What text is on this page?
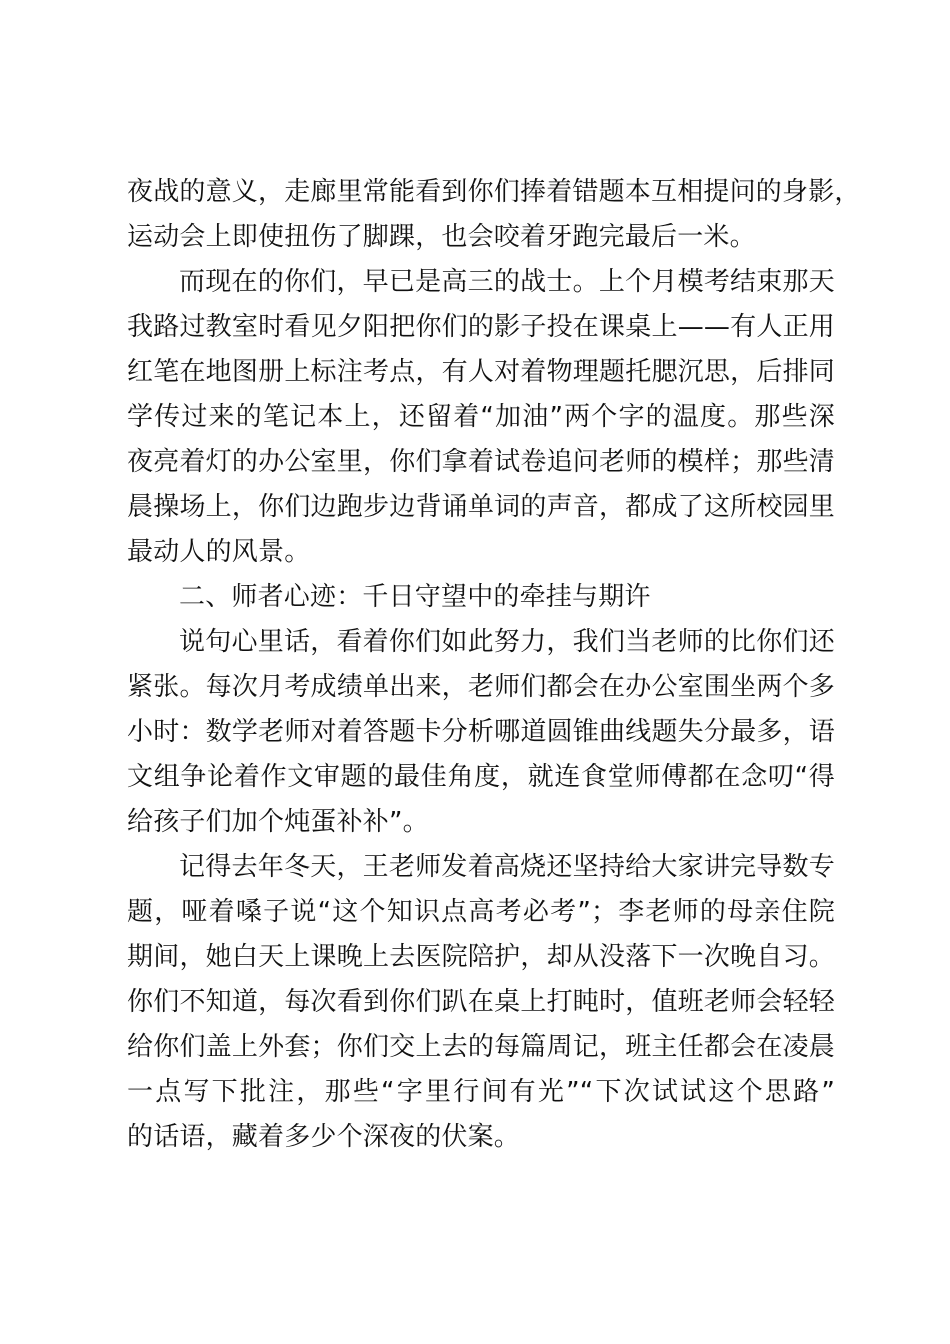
夜战的意义，走廊里常能看到你们捧着错题本互相提问的身影，
运动会上即使扭伤了脚踝，也会咬着牙跑完最后一米。
而现在的你们，早已是高三的战士。上个月模考结束那天
我路过教室时看见夕阳把你们的影子投在课桌上——有人正用
红笔在地图册上标注考点，有人对着物理题托腮沉思，后排同
学传过来的笔记本上，还留着“加油”两个字的温度。那些深
夜亮着灯的办公室里，你们拿着试卷追问老师的模样；那些清
晨操场上，你们边跑步边背诵单词的声音，都成了这所校园里
最动人的风景。
二、师者心迹：千日守望中的牵挂与期许
说句心里话，看着你们如此努力，我们当老师的比你们还
紧张。每次月考成绩单出来，老师们都会在办公室围坐两个多
小时：数学老师对着答题卡分析哪道圆锥曲线题失分最多，语
文组争论着作文审题的最佳角度，就连食堂师傅都在念叨“得
给孩子们加个炖蛋补补”。
记得去年冬天，王老师发着高烧还坚持给大家讲完导数专
题，哑着嗓子说“这个知识点高考必考”；李老师的母亲住院
期间，她白天上课晚上去医院陪护，却从没落下一次晚自习。
你们不知道，每次看到你们趴在桌上打盹时，值班老师会轻轻
给你们盖上外套；你们交上去的每篇周记，班主任都会在凌晨
一点写下批注，那些“字里行间有光”“下次试试这个思路”
的话语，藏着多少个深夜的伏案。
